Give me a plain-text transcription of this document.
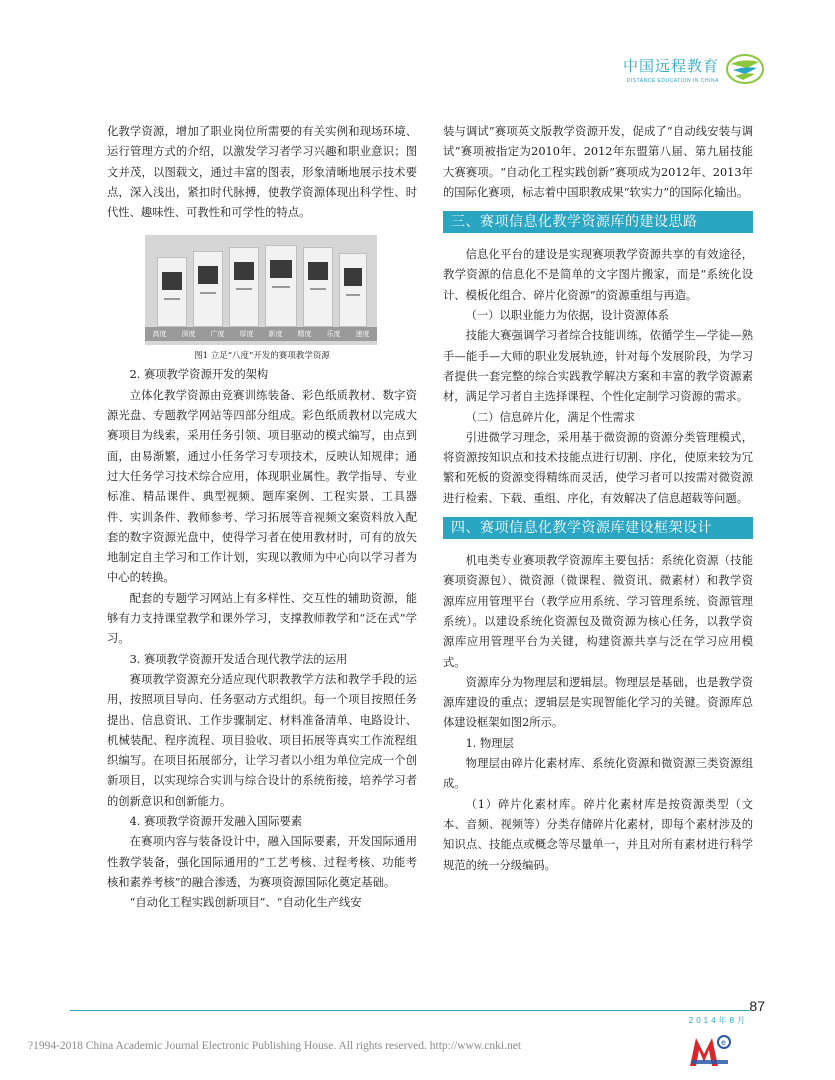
中国远程教育
DISTANCE EDUCATION IN CHINA

化教学资源，增加了职业岗位所需要的有关实例和现场环境、运行管理方式的介绍，以激发学习者学习兴趣和职业意识；图文并茂，以图载文，通过丰富的图表，形象清晰地展示技术要点，深入浅出，紧扣时代脉搏，使教学资源体现出科学性、时代性、趣味性、可教性和可学性的特点。

高度 深度 广度 厚度 新度 精度 乐度 速度

图1 立足“八度”开发的赛项教学资源

2. 赛项教学资源开发的架构

立体化教学资源由竞赛训练装备、彩色纸质教材、数字资源光盘、专题教学网站等四部分组成。彩色纸质教材以完成大赛项目为线索，采用任务引领、项目驱动的模式编写，由点到面，由易渐繁，通过小任务学习专项技术，反映认知规律；通过大任务学习技术综合应用，体现职业属性。教学指导、专业标准、精品课件、典型视频、题库案例、工程实景、工具器件、实训条件、教师参考、学习拓展等音视频文案资料放入配套的数字资源光盘中，使得学习者在使用教材时，可有的放矢地制定自主学习和工作计划，实现以教师为中心向以学习者为中心的转换。

配套的专题学习网站上有多样性、交互性的辅助资源，能够有力支持课堂教学和课外学习，支撑教师教学和“泛在式”学习。

3. 赛项教学资源开发适合现代教学法的运用

赛项教学资源充分适应现代职教教学方法和教学手段的运用，按照项目导向、任务驱动方式组织。每一个项目按照任务提出、信息资讯、工作步骤制定、材料准备清单、电路设计、机械装配、程序流程、项目验收、项目拓展等真实工作流程组织编写。在项目拓展部分，让学习者以小组为单位完成一个创新项目，以实现综合实训与综合设计的系统衔接，培养学习者的创新意识和创新能力。

4. 赛项教学资源开发融入国际要素

在赛项内容与装备设计中，融入国际要素，开发国际通用性教学装备，强化国际通用的“工艺考核、过程考核、功能考核和素养考核”的融合渗透，为赛项资源国际化奠定基础。

“自动化工程实践创新项目”、“自动化生产线安

装与调试”赛项英文版教学资源开发，促成了“自动线安装与调试”赛项被指定为2010年、2012年东盟第八届、第九届技能大赛赛项。“自动化工程实践创新”赛项成为2012年、2013年的国际化赛项，标志着中国职教成果“软实力”的国际化输出。

三、赛项信息化教学资源库的建设思路

信息化平台的建设是实现赛项教学资源共享的有效途径，教学资源的信息化不是简单的文字图片搬家，而是“系统化设计、模板化组合、碎片化资源”的资源重组与再造。

（一）以职业能力为依据，设计资源体系

技能大赛强调学习者综合技能训练，依循学生—学徒—熟手—能手—大师的职业发展轨迹，针对每个发展阶段，为学习者提供一套完整的综合实践教学解决方案和丰富的教学资源素材，满足学习者自主选择课程、个性化定制学习资源的需求。

（二）信息碎片化，满足个性需求

引进微学习理念，采用基于微资源的资源分类管理模式，将资源按知识点和技术技能点进行切割、序化，使原来较为冗繁和死板的资源变得精练而灵活，使学习者可以按需对微资源进行检索、下载、重组、序化，有效解决了信息超载等问题。

四、赛项信息化教学资源库建设框架设计

机电类专业赛项教学资源库主要包括：系统化资源（技能赛项资源包）、微资源（微课程、微资讯、微素材）和教学资源库应用管理平台（教学应用系统、学习管理系统、资源管理系统）。以建设系统化资源包及微资源为核心任务，以教学资源库应用管理平台为关键，构建资源共享与泛在学习应用模式。

资源库分为物理层和逻辑层。物理层是基础，也是教学资源库建设的重点；逻辑层是实现智能化学习的关键。资源库总体建设框架如图2所示。

1. 物理层

物理层由碎片化素材库、系统化资源和微资源三类资源组成。

（1）碎片化素材库。碎片化素材库是按资源类型（文本、音频、视频等）分类存储碎片化素材，即每个素材涉及的知识点、技能点或概念等尽量单一，并且对所有素材进行科学规范的统一分级编码。

87
2014年8月
?1994-2018 China Academic Journal Electronic Publishing House. All rights reserved. http://www.cnki.net	e
